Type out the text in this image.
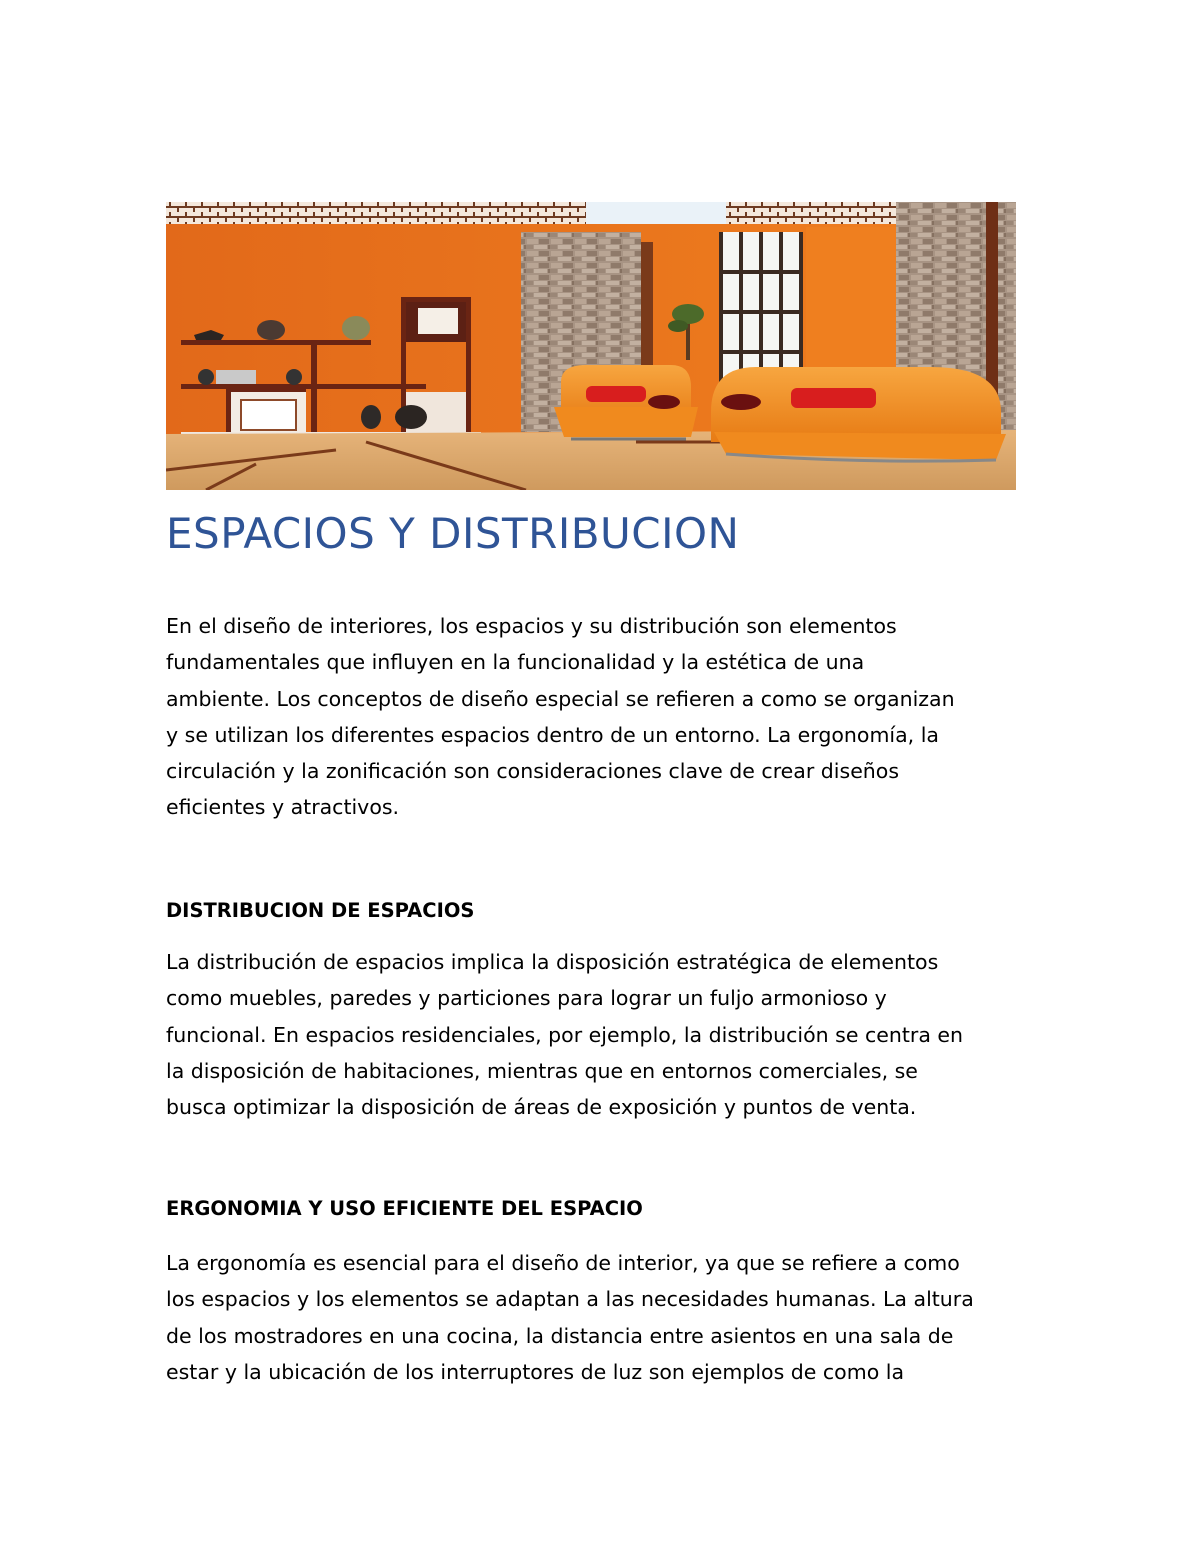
ESPACIOS Y DISTRIBUCION

En el diseño de interiores, los espacios y su distribución son elementos
fundamentales que influyen en la funcionalidad y la estética de una
ambiente. Los conceptos de diseño especial se refieren a como se organizan
y se utilizan los diferentes espacios dentro de un entorno. La ergonomía, la
circulación y la zonificación son consideraciones clave de crear diseños
eficientes y atractivos.

DISTRIBUCION DE ESPACIOS

La distribución de espacios implica la disposición estratégica de elementos
como muebles, paredes y particiones para lograr un fuljo armonioso y
funcional. En espacios residenciales, por ejemplo, la distribución se centra en
la disposición de habitaciones, mientras que en entornos comerciales, se
busca optimizar la disposición de áreas de exposición y puntos de venta.

ERGONOMIA Y USO EFICIENTE DEL ESPACIO

La ergonomía es esencial para el diseño de interior, ya que se refiere a como
los espacios y los elementos se adaptan a las necesidades humanas. La altura
de los mostradores en una cocina, la distancia entre asientos en una sala de
estar y la ubicación de los interruptores de luz son ejemplos de como la
